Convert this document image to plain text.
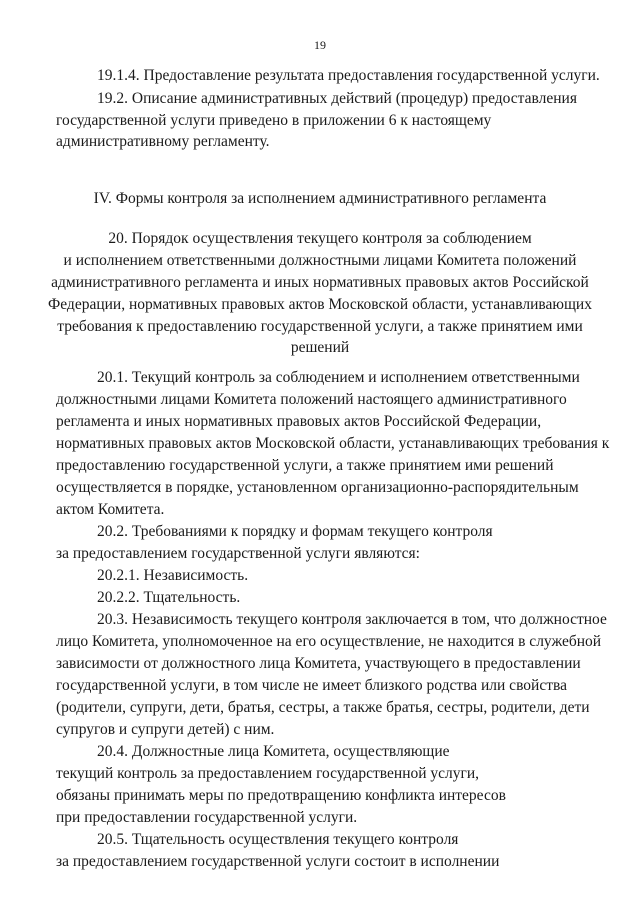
19
19.1.4. Предоставление результата предоставления государственной услуги.
19.2. Описание административных действий (процедур) предоставления
государственной услуги приведено в приложении 6 к настоящему
административному регламенту.
IV. Формы контроля за исполнением административного регламента
20. Порядок осуществления текущего контроля за соблюдением
и исполнением ответственными должностными лицами Комитета положений
административного регламента и иных нормативных правовых актов Российской
Федерации, нормативных правовых актов Московской области, устанавливающих
требования к предоставлению государственной услуги, а также принятием ими
решений
20.1. Текущий контроль за соблюдением и исполнением ответственными
должностными лицами Комитета положений настоящего административного
регламента и иных нормативных правовых актов Российской Федерации,
нормативных правовых актов Московской области, устанавливающих требования к
предоставлению государственной услуги, а также принятием ими решений
осуществляется в порядке, установленном организационно-распорядительным
актом Комитета.
20.2. Требованиями к порядку и формам текущего контроля
за предоставлением государственной услуги являются:
20.2.1. Независимость.
20.2.2. Тщательность.
20.3. Независимость текущего контроля заключается в том, что должностное
лицо Комитета, уполномоченное на его осуществление, не находится в служебной
зависимости от должностного лица Комитета, участвующего в предоставлении
государственной услуги, в том числе не имеет близкого родства или свойства
(родители, супруги, дети, братья, сестры, а также братья, сестры, родители, дети
супругов и супруги детей) с ним.
20.4. Должностные лица Комитета, осуществляющие
текущий контроль за предоставлением государственной услуги,
обязаны принимать меры по предотвращению конфликта интересов
при предоставлении государственной услуги.
20.5. Тщательность осуществления текущего контроля
за предоставлением государственной услуги состоит в исполнении
